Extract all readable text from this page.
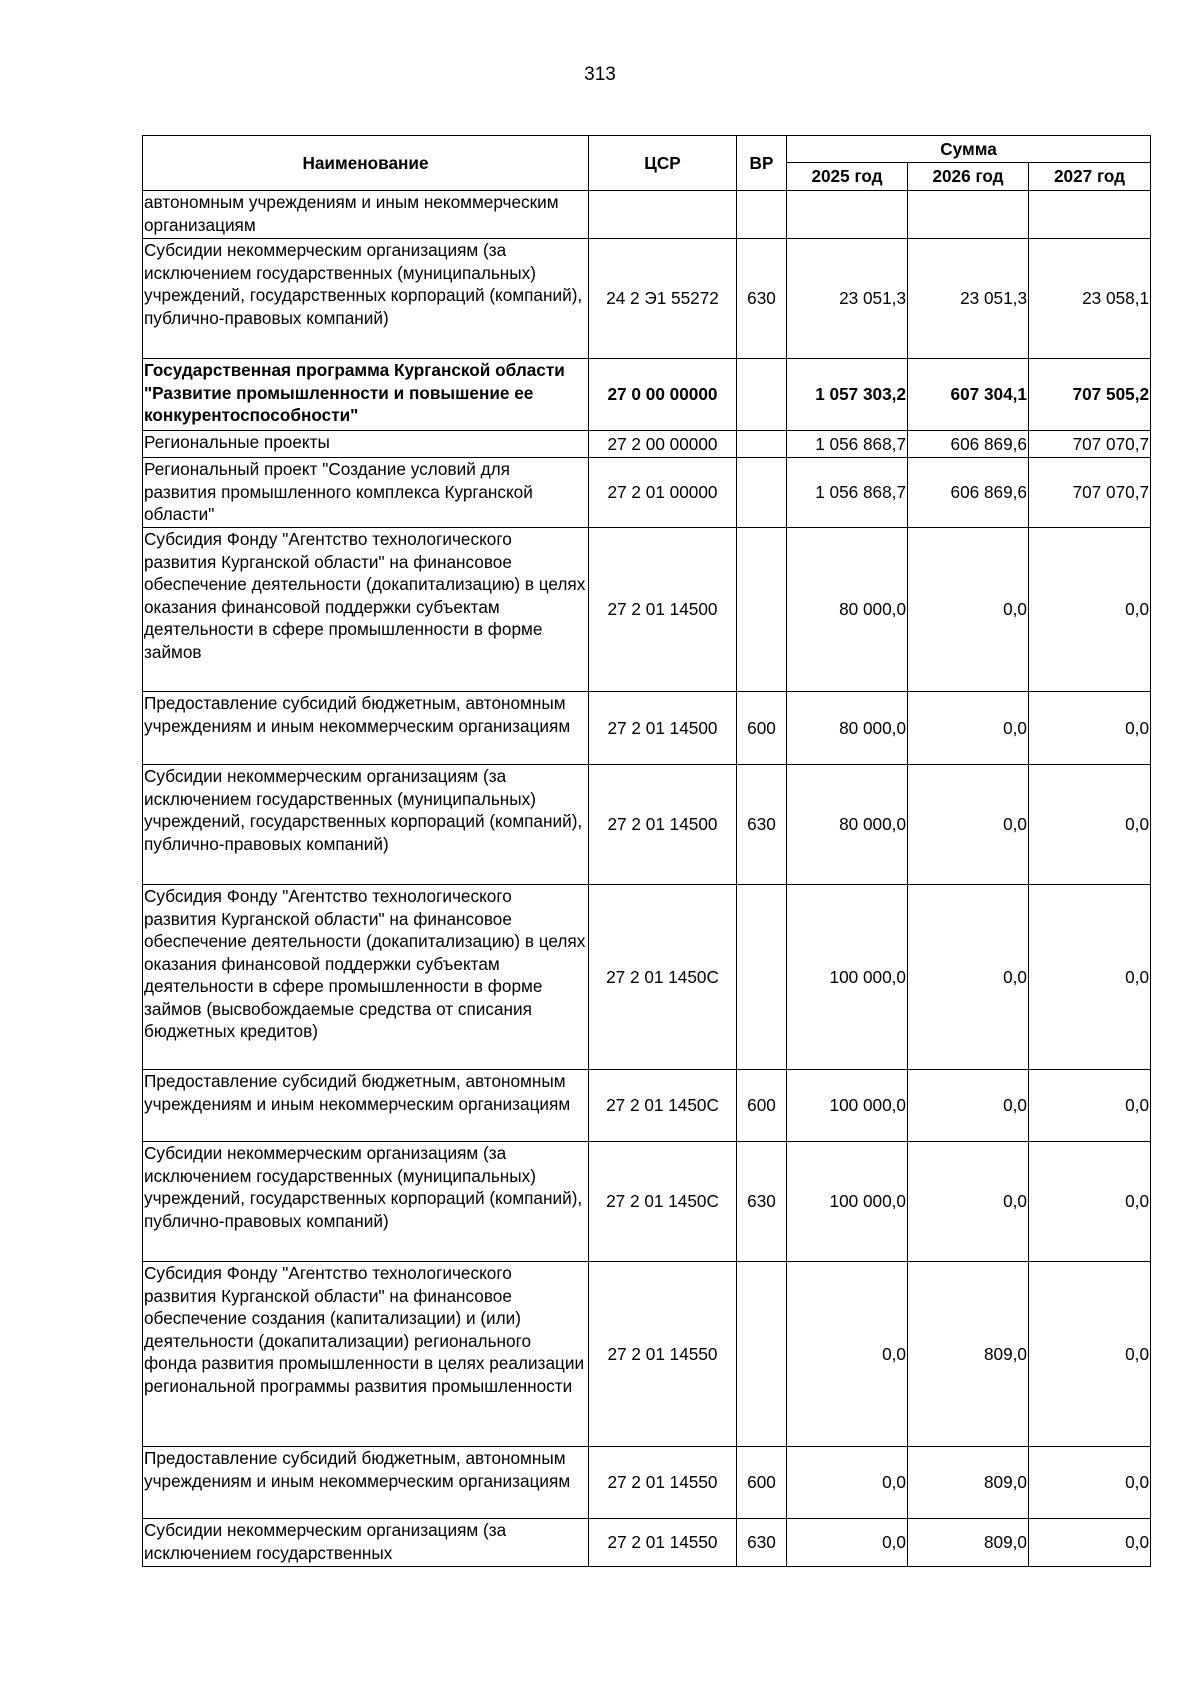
313
Наименование	ЦСР	ВР	Сумма		
			2025 год	2026 год	2027 год
автономным учреждениям и иным некоммерческим организациям					
Субсидии некоммерческим организациям (за исключением государственных (муниципальных) учреждений, государственных корпораций (компаний), публично-правовых компаний)	24 2 Э1 55272	630	23 051,3	23 051,3	23 058,1
Государственная программа Курганской области "Развитие промышленности и повышение ее конкурентоспособности"	27 0 00 00000		1 057 303,2	607 304,1	707 505,2
Региональные проекты	27 2 00 00000		1 056 868,7	606 869,6	707 070,7
Региональный проект "Создание условий для развития промышленного комплекса Курганской области"	27 2 01 00000		1 056 868,7	606 869,6	707 070,7
Субсидия Фонду "Агентство технологического развития Курганской области" на финансовое обеспечение деятельности (докапитализацию) в целях оказания финансовой поддержки субъектам деятельности в сфере промышленности в форме займов	27 2 01 14500		80 000,0	0,0	0,0
Предоставление субсидий бюджетным, автономным учреждениям и иным некоммерческим организациям	27 2 01 14500	600	80 000,0	0,0	0,0
Субсидии некоммерческим организациям (за исключением государственных (муниципальных) учреждений, государственных корпораций (компаний), публично-правовых компаний)	27 2 01 14500	630	80 000,0	0,0	0,0
Субсидия Фонду "Агентство технологического развития Курганской области" на финансовое обеспечение деятельности (докапитализацию) в целях оказания финансовой поддержки субъектам деятельности в сфере промышленности в форме займов (высвобождаемые средства от списания бюджетных кредитов)	27 2 01 1450С		100 000,0	0,0	0,0
Предоставление субсидий бюджетным, автономным учреждениям и иным некоммерческим организациям	27 2 01 1450С	600	100 000,0	0,0	0,0
Субсидии некоммерческим организациям (за исключением государственных (муниципальных) учреждений, государственных корпораций (компаний), публично-правовых компаний)	27 2 01 1450С	630	100 000,0	0,0	0,0
Субсидия Фонду "Агентство технологического развития Курганской области" на финансовое обеспечение создания (капитализации) и (или) деятельности (докапитализации) регионального фонда развития промышленности в целях реализации региональной программы развития промышленности	27 2 01 14550		0,0	809,0	0,0
Предоставление субсидий бюджетным, автономным учреждениям и иным некоммерческим организациям	27 2 01 14550	600	0,0	809,0	0,0
Субсидии некоммерческим организациям (за исключением государственных	27 2 01 14550	630	0,0	809,0	0,0
